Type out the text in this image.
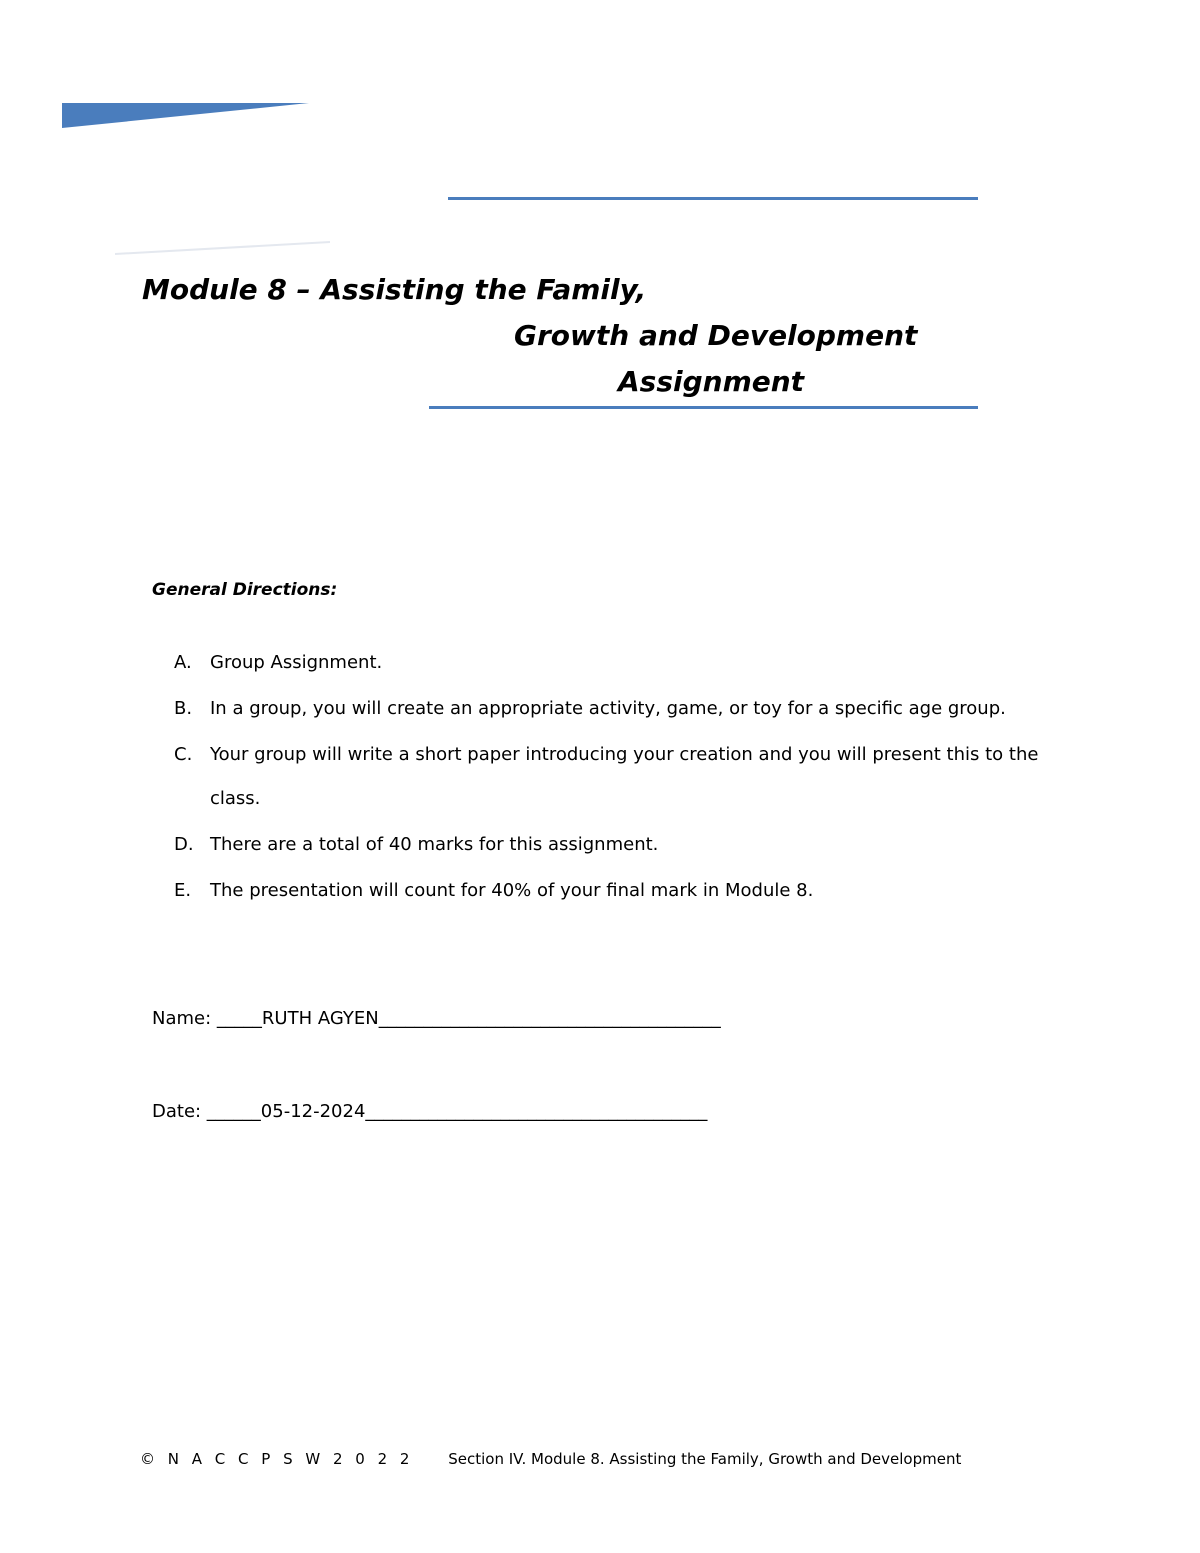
Module 8 – Assisting the Family,
Growth and Development
Assignment
General Directions:
A.	Group Assignment.
B. In a group, you will create an appropriate activity, game, or toy for a specific age group.
C. Your group will write a short paper introducing your creation and you will present this to the class.
D. There are a total of 40 marks for this assignment.
E.	The presentation will count for 40% of your final mark in Module 8.
Name: _____RUTH AGYEN______________________________________
Date: ______05-12-2024______________________________________
© N A C C P S W 2 0 2 2 Section IV. Module 8. Assisting the Family, Growth and Development
